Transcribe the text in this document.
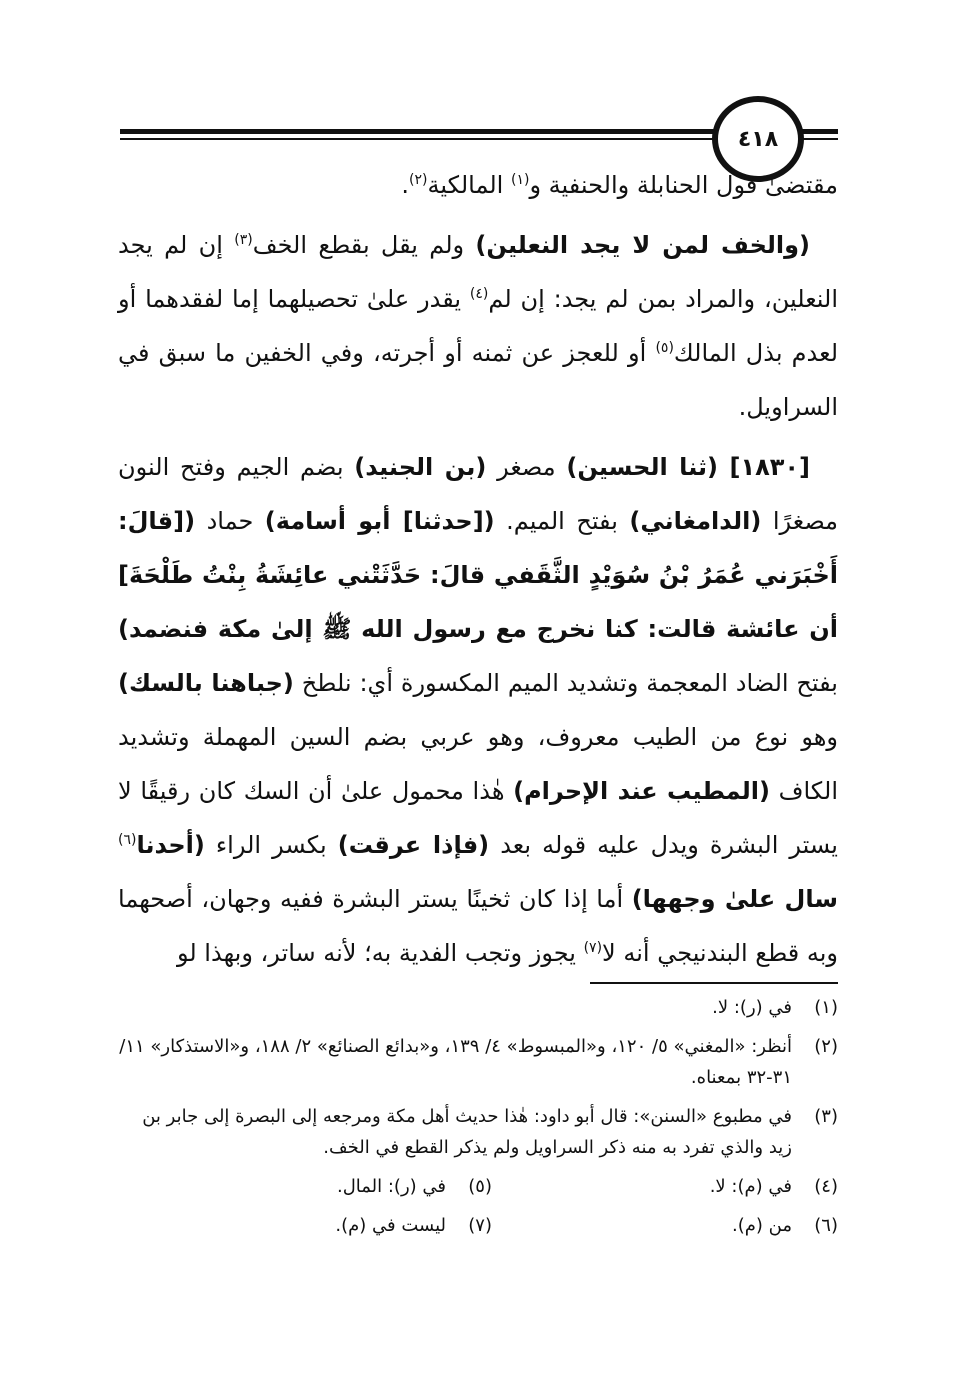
٤١٨

مقتضىٰ قول الحنابلة والحنفية و$^{(١)}$ المالكية$^{(٢)}$.

(والخف لمن لا يجد النعلين) ولم يقل بقطع الخف$^{(٣)}$ إن لم يجد النعلين، والمراد بمن لم يجد: إن لم$^{(٤)}$ يقدر علىٰ تحصيلهما إما لفقدهما أو لعدم بذل المالك$^{(٥)}$ أو للعجز عن ثمنه أو أجرته، وفي الخفين ما سبق في السراويل.

[١٨٣٠] (ثنا الحسين) مصغر (بن الجنيد) بضم الجيم وفتح النون مصغرًا (الدامغاني) بفتح الميم. ([حدثنا] أبو أسامة) حماد ([قالَ: أَخْبَرَني عُمَرُ بْنُ سُوَيْدٍ الثَّقَفي قالَ: حَدَّثَتْني عائِشَةُ بِنْتُ طَلْحَةَ] أن عائشة قالت: كنا نخرج مع رسول الله ﷺ إلىٰ مكة فنضمد) بفتح الضاد المعجمة وتشديد الميم المكسورة أي: نلطخ (جباهنا بالسك) وهو نوع من الطيب معروف، وهو عربي بضم السين المهملة وتشديد الكاف (المطيب عند الإحرام) هٰذا محمول علىٰ أن السك كان رقيقًا لا يستر البشرة ويدل عليه قوله بعد (فإذا عرقت) بكسر الراء (أحدنا$^{(٦)}$ سال علىٰ وجهها) أما إذا كان ثخينًا يستر البشرة ففيه وجهان، أصحهما وبه قطع البندنيجي أنه لا$^{(٧)}$ يجوز وتجب الفدية به؛ لأنه ساتر، وبهذا لو

(١)
في (ر): لا.
(٢)
أنظر: «المغني» ٥/ ١٢٠، و«المبسوط» ٤/ ١٣٩، و«بدائع الصنائع» ٢/ ١٨٨، و«الاستذكار» ١١/ ٣١-٣٢ بمعناه.
(٣)
في مطبوع «السنن»: قال أبو داود: هٰذا حديث أهل مكة ومرجعه إلى البصرة إلى جابر بن زيد والذي تفرد به منه ذكر السراويل ولم يذكر القطع في الخف.
(٤)
في (م): لا.
(٥)
في (ر): المال.
(٦)
من (م).
(٧)
ليست في (م).
